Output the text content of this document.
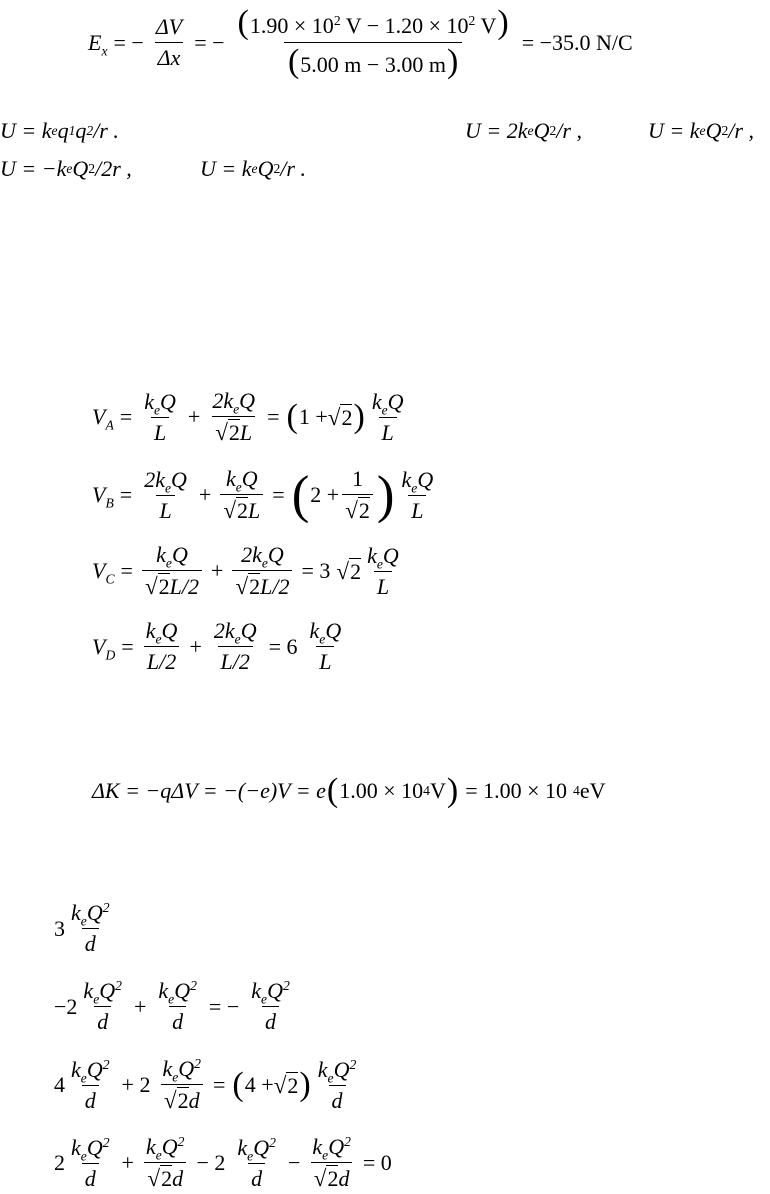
$E_x$ = − $\frac{\Delta V}{\Delta x}$ = − $\frac{(1.90 \times 10^2 V - 1.20 \times 10^2 V)}{(5.00 m - 3.00 m)} = -35.0$ N/C
U = k e q 1 q 2 /r .	U = 2k e Q 2 /r ,	U = k e Q 2 /r ,
U = −k e Q 2 /2r ,	U = k e Q 2 /r .
$V_A = \frac{k_eQ}{L} + \frac{2k_eQ}{√ 2 L}$ = ( 1 + √ 2 ) $\frac{k_eQ}{L}$
$V_B = \frac{2k_eQ}{L} + \frac{k_eQ}{√ 2 L}$ = ( $2 + \frac{1}{√ 2}$ ) $\frac{k_eQ}{L}$
$V_C = \frac{k_eQ}{√ 2 L/2} + \frac{2k_eQ}{√ 2 L/2} = 3$ √ $2 \frac{k_eQ}{L}$
$V_D = \frac{k_eQ}{L/2} + \frac{2k_eQ}{L/2} = 6 \frac{k_eQ}{L}$
ΔK = −qΔV = −(−e)V = e ( 1.00 × 10 4 V ) = 1.00 × 10 4 eV
$3 \frac{k_eQ^2}{d}$
$-2 \frac{k_eQ^2}{d} + \frac{k_eQ^2}{d}$ = − $\frac{k_eQ^2}{d}$
$4 \frac{k_eQ^2}{d} + 2 \frac{k_eQ^2}{√ 2 d}$ = ( 4 + √ 2 ) $\frac{k_eQ^2}{d}$
$2 \frac{k_eQ^2}{d} + \frac{k_eQ^2}{√ 2 d} - 2 \frac{k_eQ^2}{d} - \frac{k_eQ^2}{√ 2 d} = 0$
